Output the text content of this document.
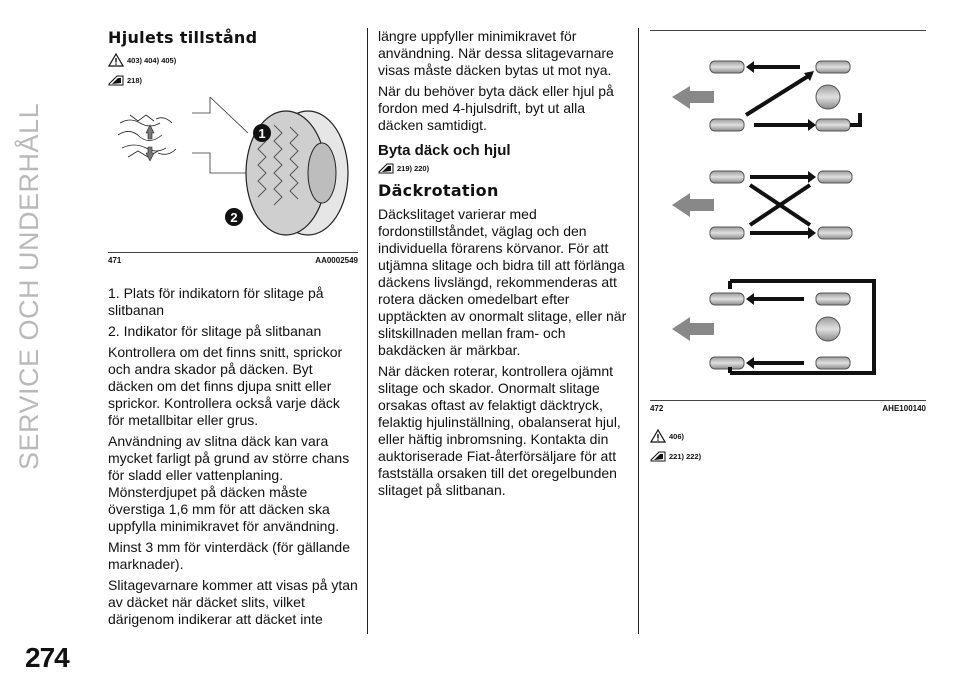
SERVICE OCH UNDERHÅLL
274
Hjulets tillstånd
403) 404) 405)
218)
1
2
471	AA0002549

1. Plats för indikatorn för slitage på slitbanan

2. Indikator för slitage på slitbanan

Kontrollera om det finns snitt, sprickor och andra skador på däcken. Byt däcken om det finns djupa snitt eller sprickor. Kontrollera också varje däck för metallbitar eller grus.

Användning av slitna däck kan vara mycket farligt på grund av större chans för sladd eller vattenplaning. Mönsterdjupet på däcken måste överstiga 1,6 mm för att däcken ska uppfylla minimikravet för användning.

Minst 3 mm för vinterdäck (för gällande marknader).

Slitagevarnare kommer att visas på ytan av däcket när däcket slits, vilket därigenom indikerar att däcket inte

längre uppfyller minimikravet för användning. När dessa slitagevarnare visas måste däcken bytas ut mot nya.

När du behöver byta däck eller hjul på fordon med 4-hjulsdrift, byt ut alla däcken samtidigt.

Byta däck och hjul
219) 220)
Däckrotation

Däckslitaget varierar med fordonstillståndet, väglag och den individuella förarens körvanor. För att utjämna slitage och bidra till att förlänga däckens livslängd, rekommenderas att rotera däcken omedelbart efter upptäckten av onormalt slitage, eller när slitskillnaden mellan fram- och bakdäcken är märkbar.

När däcken roterar, kontrollera ojämnt slitage och skador. Onormalt slitage orsakas oftast av felaktigt däcktryck, felaktig hjulinställning, obalanserat hjul, eller häftig inbromsning. Kontakta din auktoriserade Fiat-återförsäljare för att fastställa orsaken till det oregelbunden slitaget på slitbanan.

472	AHE100140
406)
221) 222)
